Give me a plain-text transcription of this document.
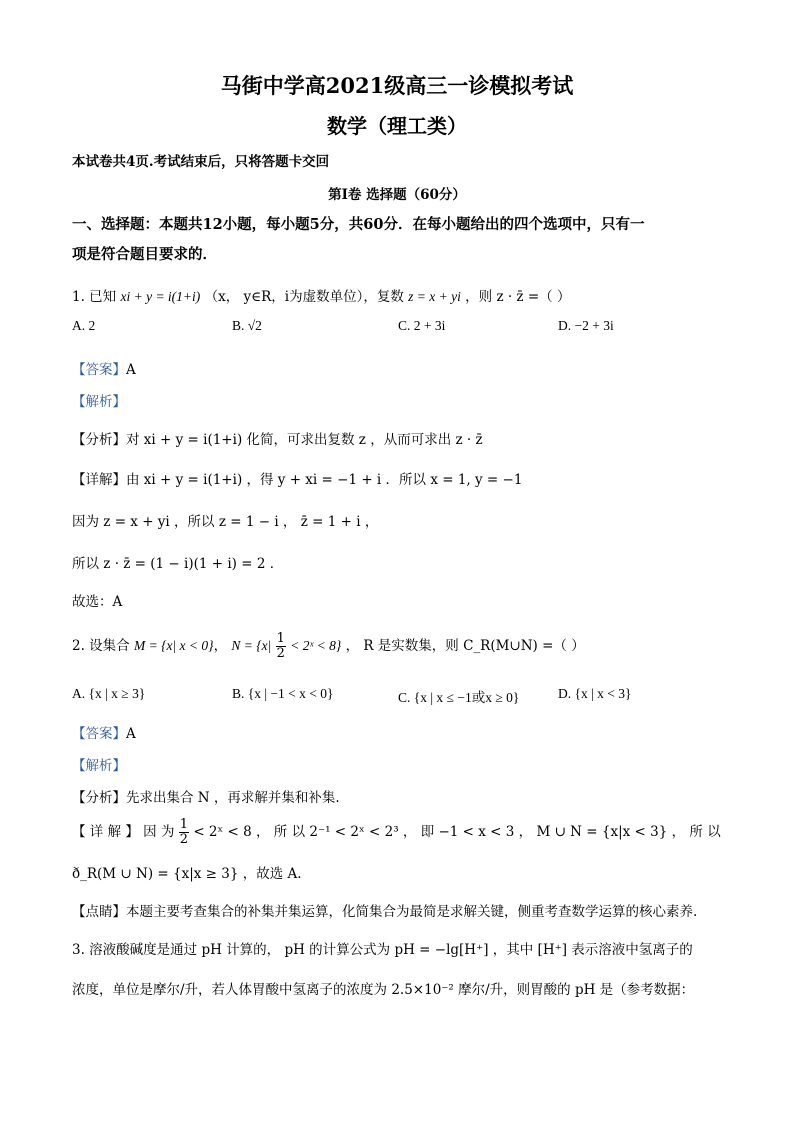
马街中学高2021级高三一诊模拟考试
数学（理工类）
本试卷共4页.考试结束后，只将答题卡交回
第Ⅰ卷 选择题（60分）
一、选择题：本题共12小题，每小题5分，共60分．在每小题给出的四个选项中，只有一
项是符合题目要求的．
1. 已知 xi + y = i(1+i) （x， y∈R，i为虚数单位），复数 z = x + yi ，则 z · z̄ =（ ）
A. 2	B. √2	C. 2 + 3i	D. −2 + 3i
【答案】A
【解析】
【分析】对 xi + y = i(1+i) 化简，可求出复数 z ，从而可求出 z · z̄
【详解】由 xi + y = i(1+i) ，得 y + xi = −1 + i ．所以 x = 1, y = −1
因为 z = x + yi ，所以 z = 1 − i ， z̄ = 1 + i ，
所以 z · z̄ = (1 − i)(1 + i) = 2 ．
故选：A
2. 设集合 M = {x| x < 0}， $N = \{x| \frac{1}{2}$ < 2ˣ < 8} ， R 是实数集，则 C_R(M∪N) =（ ）
A. {x | x ≥ 3}	B. {x | −1 < x < 0}	C. {x | x ≤ −1或x ≥ 0}	D. {x | x < 3}
【答案】A
【解析】
【分析】先求出集合 N ，再求解并集和补集.
【 详 解 】 因 为 $\frac{1}{2}$ < 2ˣ < 8 ， 所 以 2⁻¹ < 2ˣ < 2³ ， 即 −1 < x < 3 ， M ∪ N = {x|x < 3} ， 所 以
ð_R(M ∪ N) = {x|x ≥ 3} ，故选 A.
【点睛】本题主要考查集合的补集并集运算，化简集合为最简是求解关键，侧重考查数学运算的核心素养.
3. 溶液酸碱度是通过 pH 计算的， pH 的计算公式为 pH = −lg[H⁺] ，其中 [H⁺] 表示溶液中氢离子的
浓度，单位是摩尔/升，若人体胃酸中氢离子的浓度为 2.5×10⁻² 摩尔/升，则胃酸的 pH 是（参考数据：
